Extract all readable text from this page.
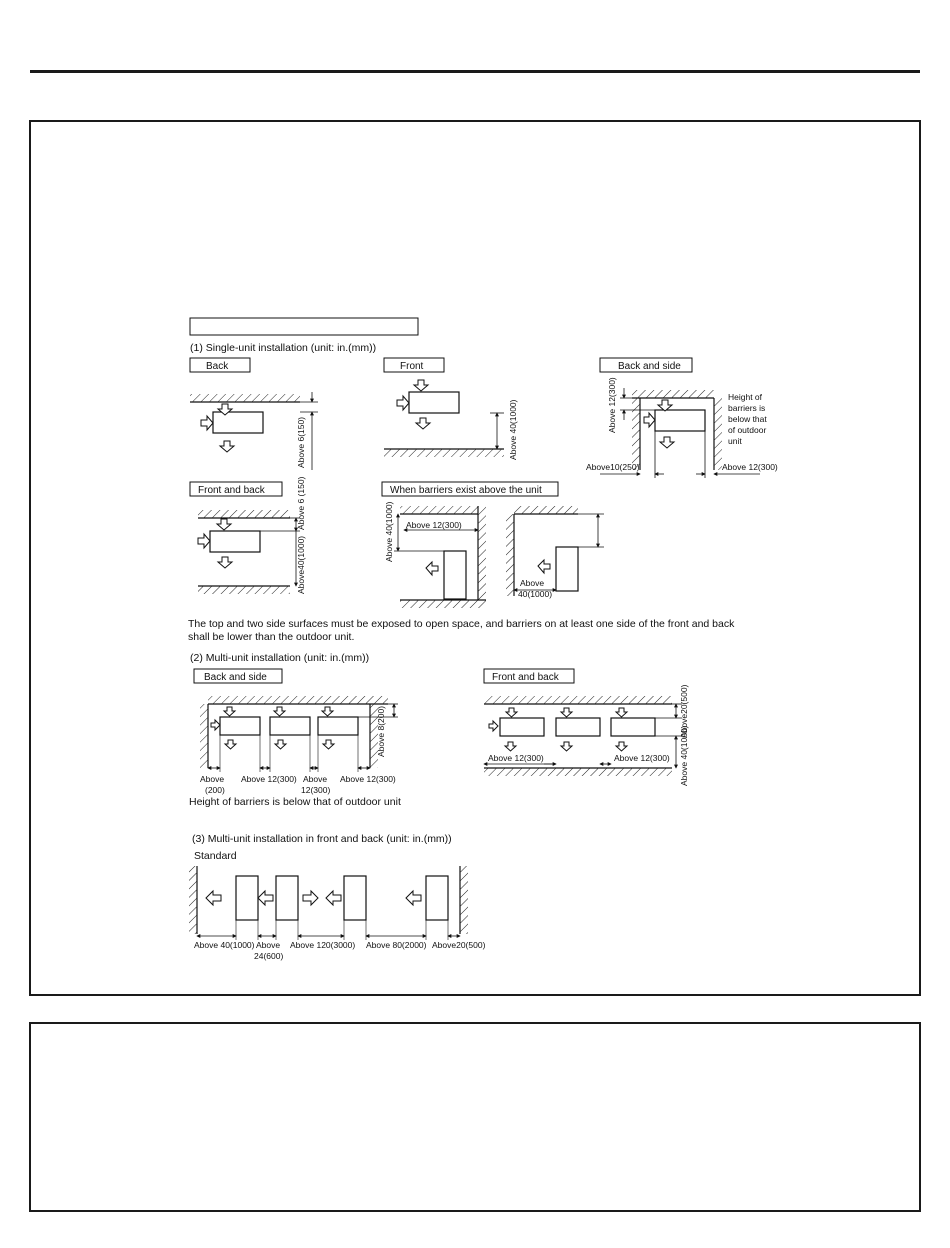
(1) Single-unit installation (unit: in.(mm))
Back
Above 6(150)
Front
Above 40(1000)
Back and side
Above 12(300)
Above10(250)	Above 12(300)
Height of
barriers is
below that
of outdoor
unit
Front and back	Above 6 (150)
Above40(1000)
When barriers exist above the unit
Above 12(300)
Above 40(1000)
Above
40(1000)
The top and two side surfaces must be exposed to open space, and barriers on at least one side of the front and back
shall be lower than the outdoor unit.
(2) Multi-unit installation (unit: in.(mm))
Back and side
Above 8(200)
Above
(200)
Above 12(300) Above
12(300)
Above 12(300)
Height of barriers is below that of outdoor unit
Front and back
Above 12(300)	Above 12(300)
Above20(500)
Above 40(1000)
(3) Multi-unit installation in front and back (unit: in.(mm))
Standard
Above 40(1000) Above
24(600)
Above 120(3000) Above 80(2000) Above20(500)
